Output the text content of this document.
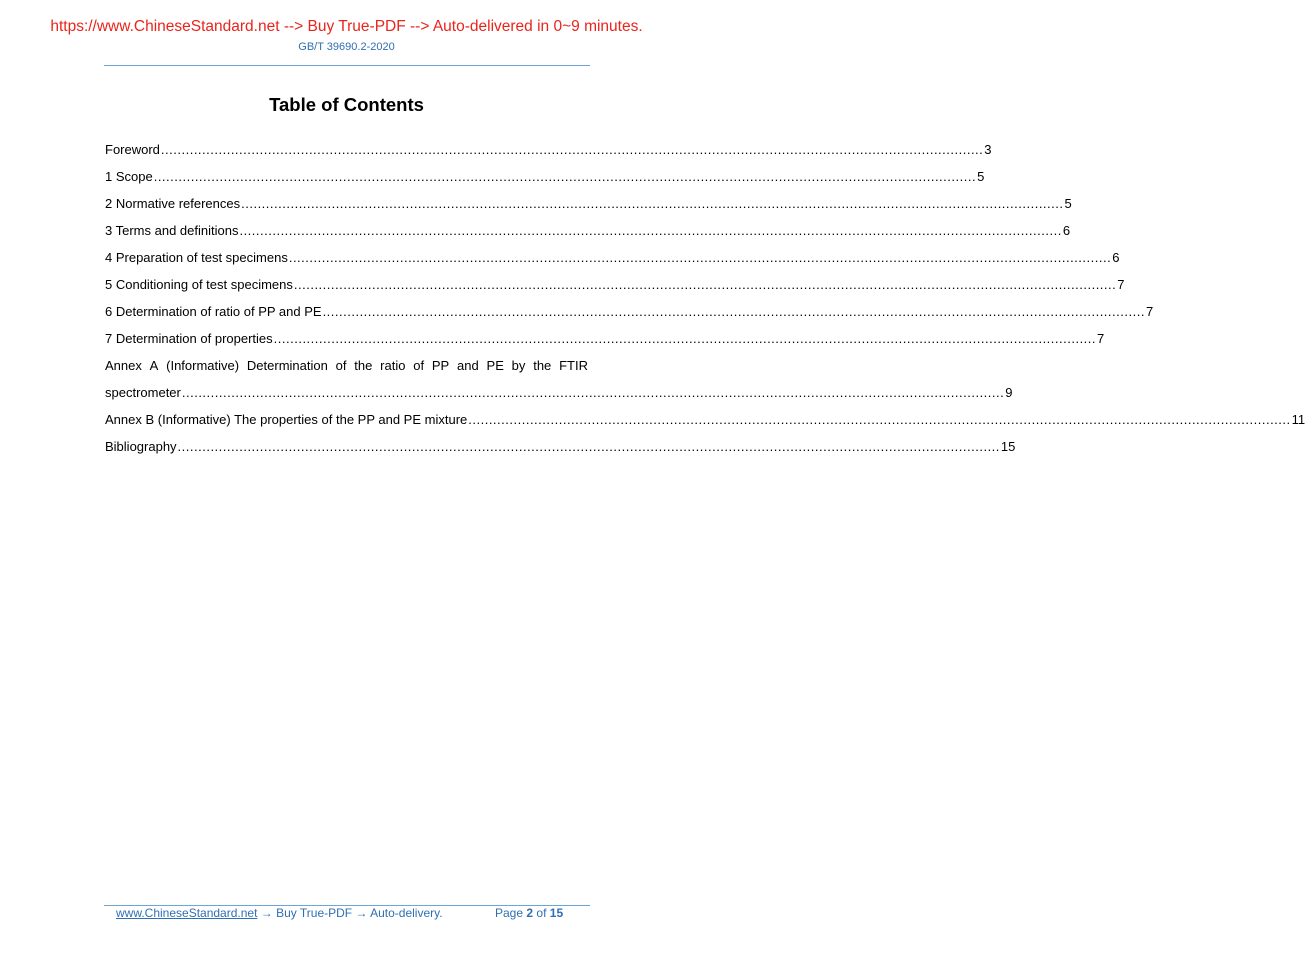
https://www.ChineseStandard.net --> Buy True-PDF --> Auto-delivered in 0~9 minutes.
GB/T 39690.2-2020
Table of Contents
Foreword ........................................................................................................................................................................................................ 3
1 Scope ........................................................................................................................................................................................................ 5
2 Normative references ........................................................................................................................................................................................................ 5
3 Terms and definitions ........................................................................................................................................................................................................ 6
4 Preparation of test specimens ........................................................................................................................................................................................................ 6
5 Conditioning of test specimens ........................................................................................................................................................................................................ 7
6 Determination of ratio of PP and PE ........................................................................................................................................................................................................ 7
7 Determination of properties ........................................................................................................................................................................................................ 7
Annex A (Informative) Determination of the ratio of PP and PE by the FTIR
spectrometer ........................................................................................................................................................................................................ 9
Annex B (Informative) The properties of the PP and PE mixture ........................................................................................................................................................................................................ 11
Bibliography ........................................................................................................................................................................................................ 15
www.ChineseStandard.net → Buy True-PDF → Auto-delivery.	Page 2 of 15
